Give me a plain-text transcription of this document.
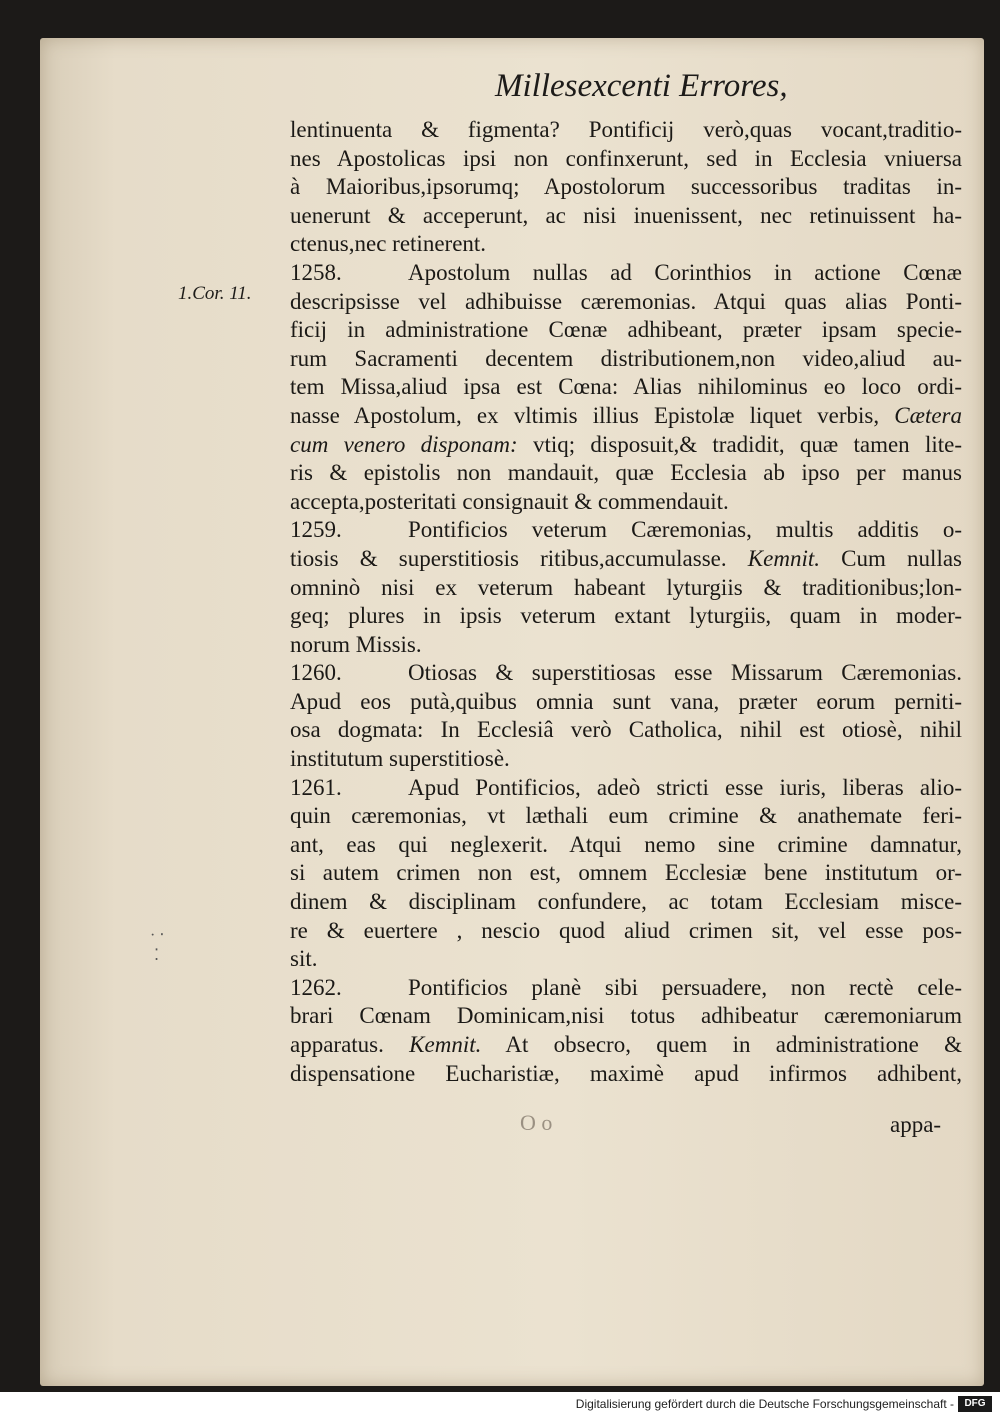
Millesexcenti Errores,
1.Cor. 11.
· ‧
⁚
lentinuenta & figmenta? Pontificij verò,quas vocant,traditio-
nes Apostolicas ipsi non confinxerunt, sed in Ecclesia vniuersa
à Maioribus,ipsorumq; Apostolorum successoribus traditas in-
uenerunt & acceperunt, ac nisi inuenissent, nec retinuissent ha-
ctenus,nec retinerent.
1258.	Apostolum nullas ad Corinthios in actione Cœnæ
descripsisse vel adhibuisse cæremonias. Atqui quas alias Ponti-
ficij in administratione Cœnæ adhibeant, præter ipsam specie-
rum Sacramenti decentem distributionem,non video,aliud au-
tem Missa,aliud ipsa est Cœna: Alias nihilominus eo loco ordi-
nasse Apostolum, ex vltimis illius Epistolæ liquet verbis, Cætera
cum venero disponam: vtiq; disposuit,& tradidit, quæ tamen lite-
ris & epistolis non mandauit, quæ Ecclesia ab ipso per manus
accepta,posteritati consignauit & commendauit.
1259.	Pontificios veterum Cæremonias, multis additis o-
tiosis & superstitiosis ritibus,accumulasse. Kemnit. Cum nullas
omninò nisi ex veterum habeant lyturgiis & traditionibus;lon-
geq; plures in ipsis veterum extant lyturgiis, quam in moder-
norum Missis.
1260.	Otiosas & superstitiosas esse Missarum Cæremonias.
Apud eos putà,quibus omnia sunt vana, præter eorum perniti-
osa dogmata: In Ecclesiâ verò Catholica, nihil est otiosè, nihil
institutum superstitiosè.
1261.	Apud Pontificios, adeò stricti esse iuris, liberas alio-
quin cæremonias, vt læthali eum crimine & anathemate feri-
ant, eas qui neglexerit. Atqui nemo sine crimine damnatur,
si autem crimen non est, omnem Ecclesiæ bene institutum or-
dinem & disciplinam confundere, ac totam Ecclesiam misce-
re & euertere , nescio quod aliud crimen sit, vel esse pos-
sit.
1262.	Pontificios planè sibi persuadere, non rectè cele-
brari Cœnam Dominicam,nisi totus adhibeatur cæremoniarum
apparatus. Kemnit. At obsecro, quem in administratione &
dispensatione Eucharistiæ, maximè apud infirmos adhibent,
O o	appa-
Digitalisierung gefördert durch die Deutsche Forschungsgemeinschaft -	DFG
